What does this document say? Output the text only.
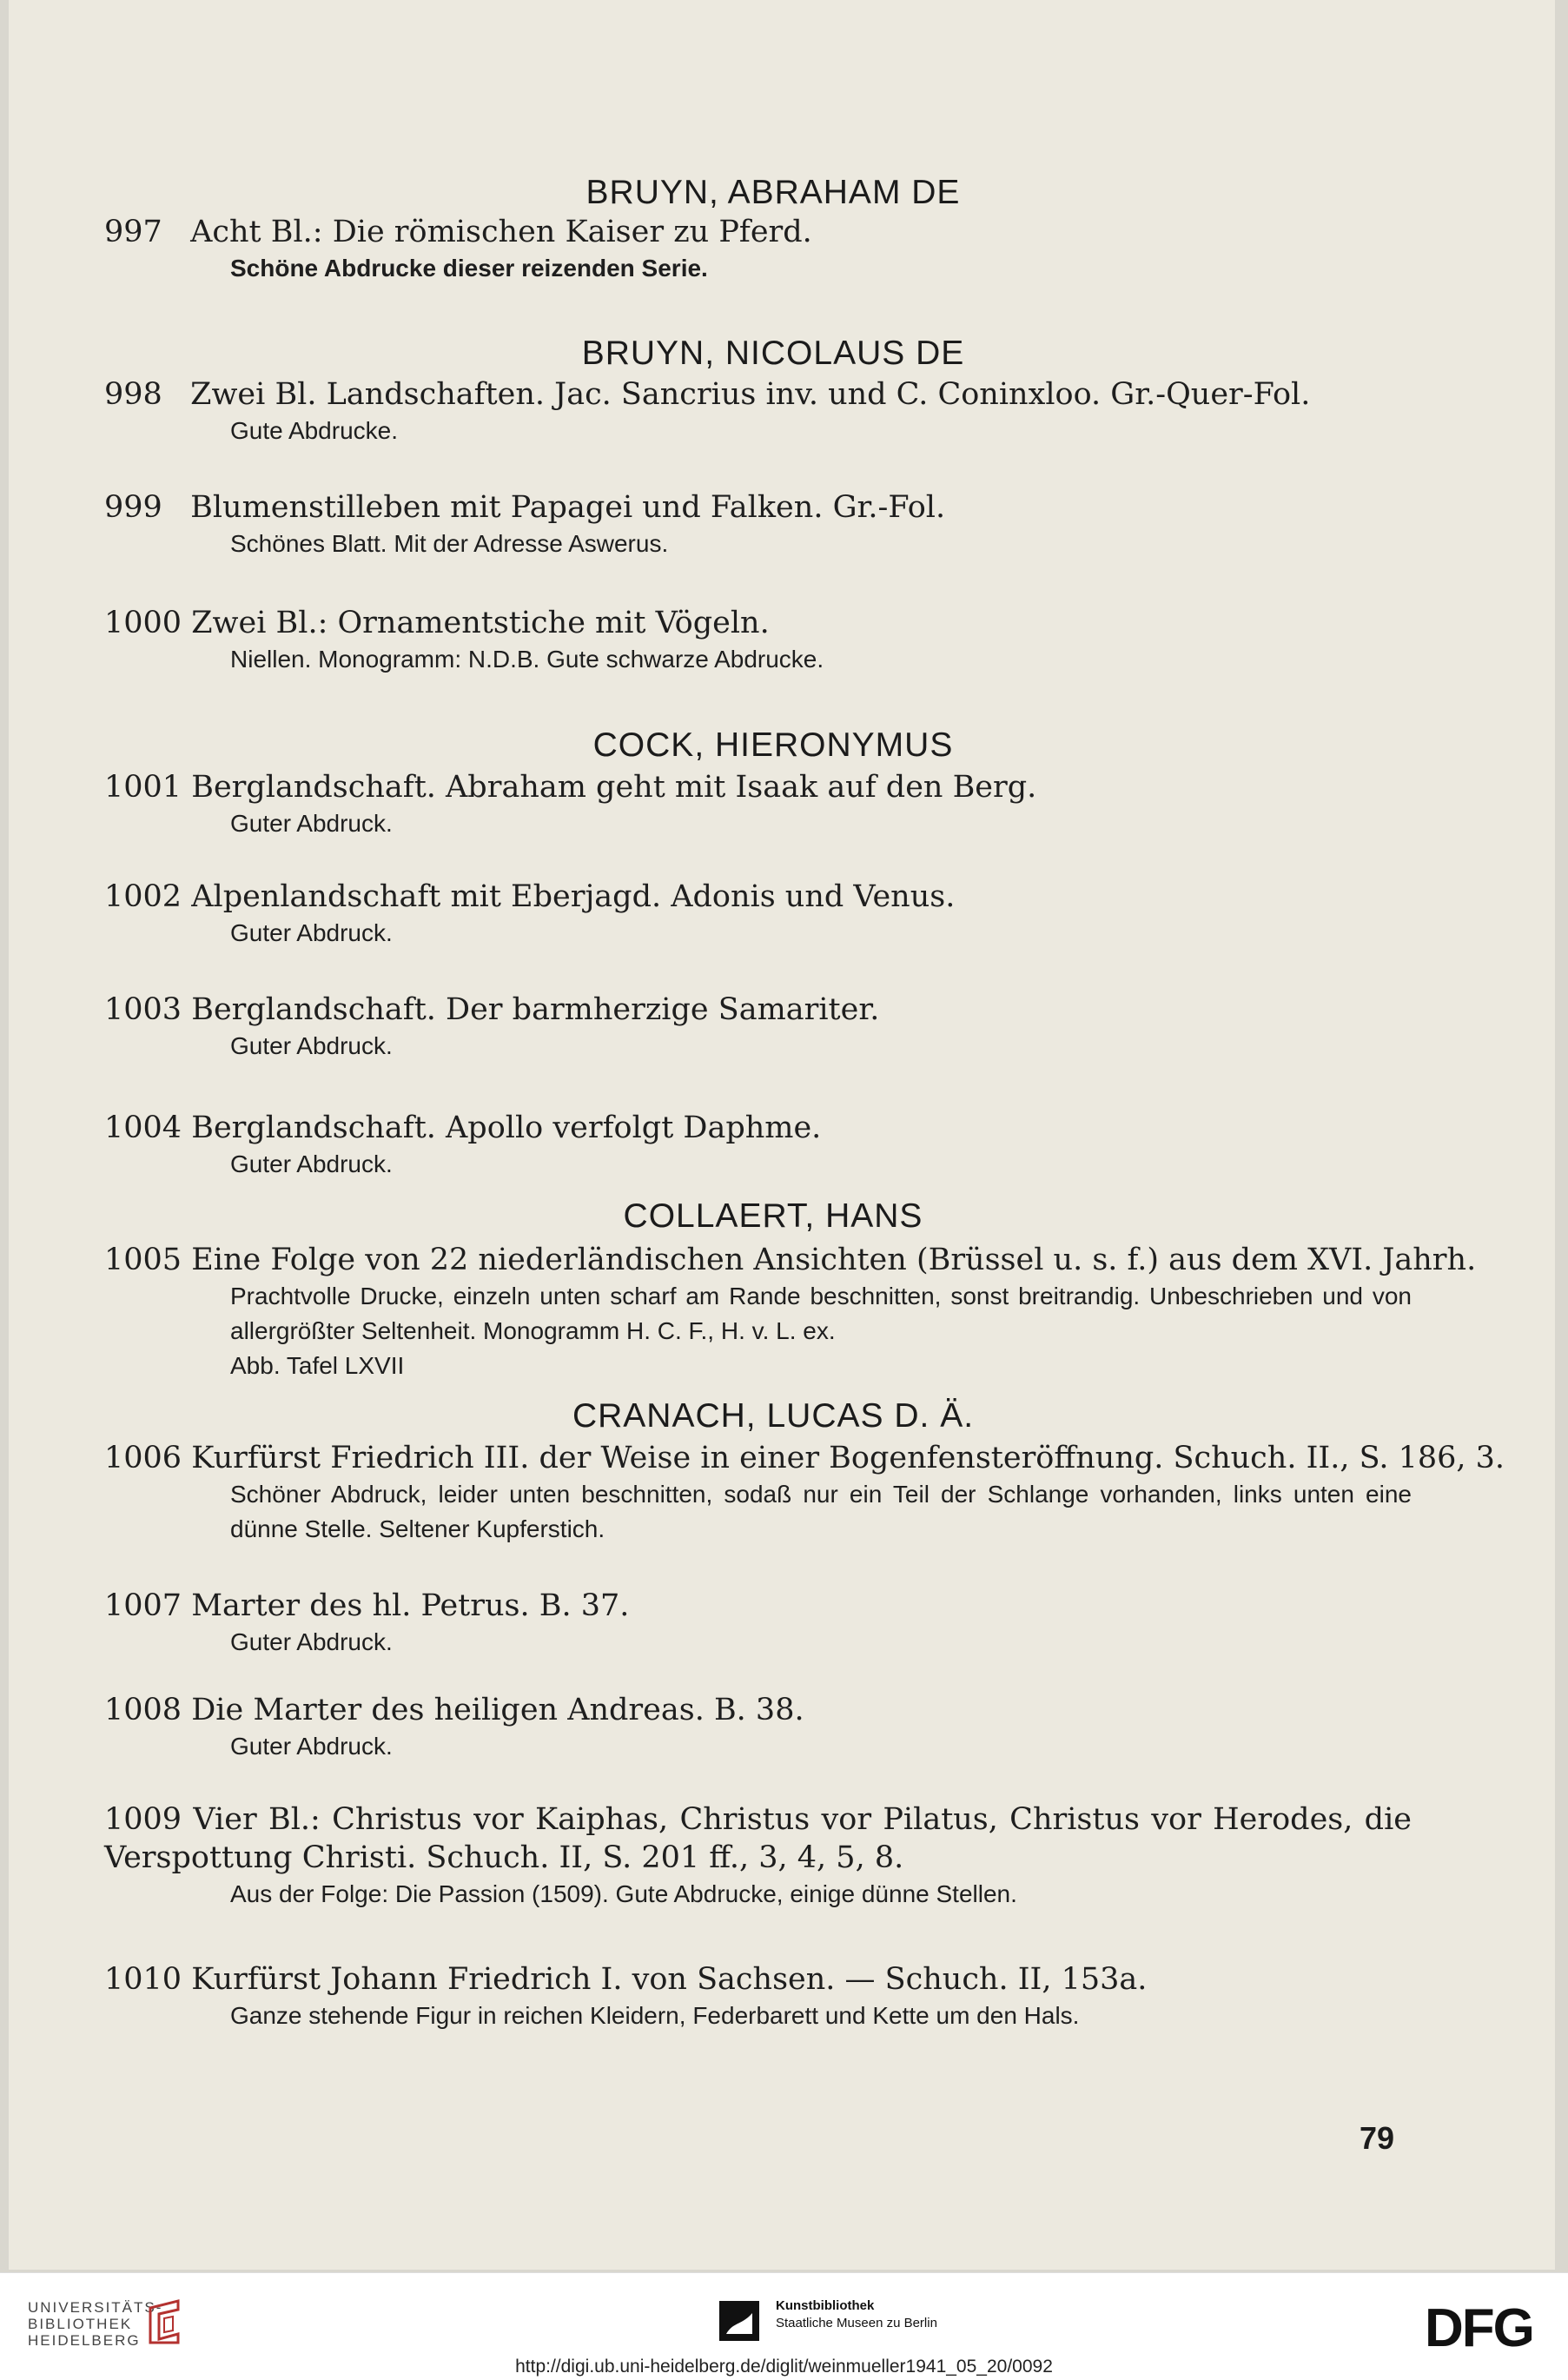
BRUYN, ABRAHAM DE
997 Acht Bl.: Die römischen Kaiser zu Pferd.
Schöne Abdrucke dieser reizenden Serie.
BRUYN, NICOLAUS DE
998 Zwei Bl. Landschaften. Jac. Sancrius inv. und C. Coninxloo. Gr.-Quer-Fol.
Gute Abdrucke.
999 Blumenstilleben mit Papagei und Falken. Gr.-Fol.
Schönes Blatt. Mit der Adresse Aswerus.
1000 Zwei Bl.: Ornamentstiche mit Vögeln.
Niellen. Monogramm: N.D.B. Gute schwarze Abdrucke.
COCK, HIERONYMUS
1001 Berglandschaft. Abraham geht mit Isaak auf den Berg.
Guter Abdruck.
1002 Alpenlandschaft mit Eberjagd. Adonis und Venus.
Guter Abdruck.
1003 Berglandschaft. Der barmherzige Samariter.
Guter Abdruck.
1004 Berglandschaft. Apollo verfolgt Daphme.
Guter Abdruck.
COLLAERT, HANS
1005 Eine Folge von 22 niederländischen Ansichten (Brüssel u. s. f.) aus dem XVI. Jahrh.
Prachtvolle Drucke, einzeln unten scharf am Rande beschnitten, sonst breitrandig. Unbeschrieben und von allergrößter Seltenheit. Monogramm H. C. F., H. v. L. ex.
Abb. Tafel LXVII
CRANACH, LUCAS D. Ä.
1006 Kurfürst Friedrich III. der Weise in einer Bogenfensteröffnung. Schuch. II., S. 186, 3.
Schöner Abdruck, leider unten beschnitten, sodaß nur ein Teil der Schlange vorhanden, links unten eine dünne Stelle. Seltener Kupferstich.
1007 Marter des hl. Petrus. B. 37.
Guter Abdruck.
1008 Die Marter des heiligen Andreas. B. 38.
Guter Abdruck.
1009 Vier Bl.: Christus vor Kaiphas, Christus vor Pilatus, Christus vor Herodes, die Verspottung Christi. Schuch. II, S. 201 ff., 3, 4, 5, 8.
Aus der Folge: Die Passion (1509). Gute Abdrucke, einige dünne Stellen.
1010 Kurfürst Johann Friedrich I. von Sachsen. — Schuch. II, 153a.
Ganze stehende Figur in reichen Kleidern, Federbarett und Kette um den Hals.
79
UNIVERSITÄTS-
BIBLIOTHEK
HEIDELBERG
Kunstbibliothek
Staatliche Museen zu Berlin	DFG
http://digi.ub.uni-heidelberg.de/diglit/weinmueller1941_05_20/0092
